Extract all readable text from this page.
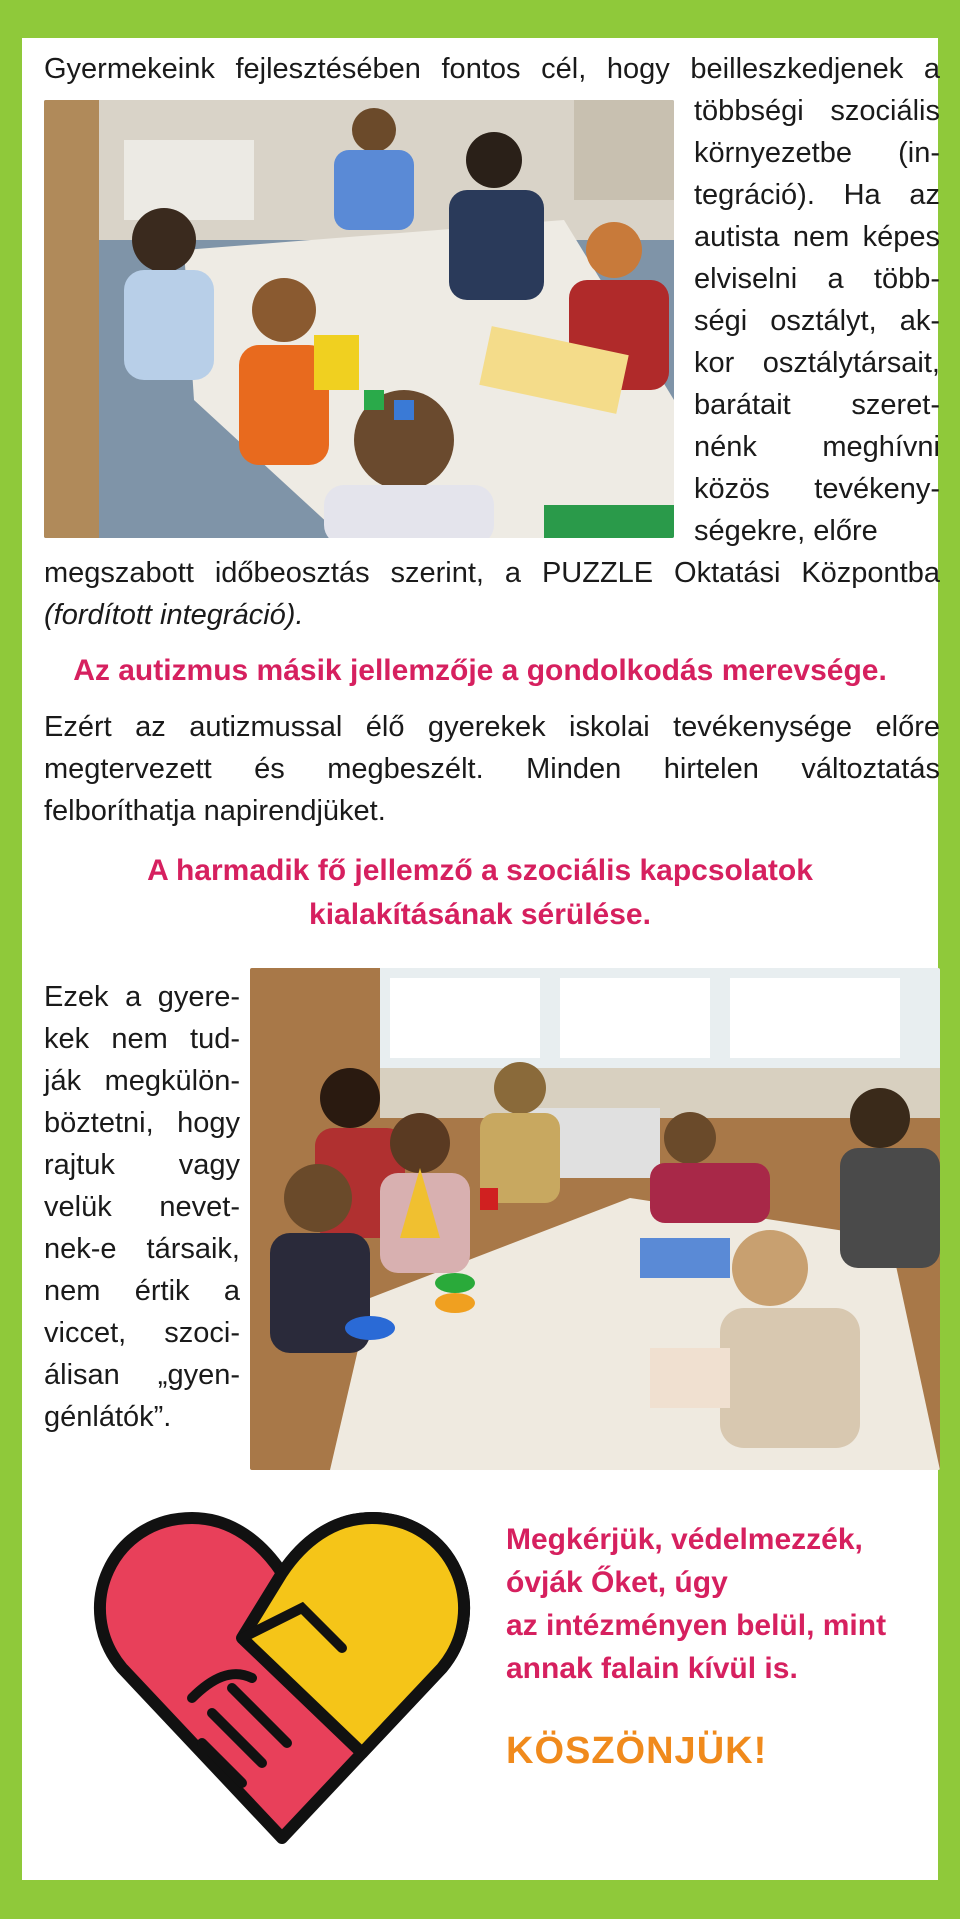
Gyermekeink fejlesztésében fontos cél, hogy beilleszkedjenek a
többségi szociális
környezetbe (in-
tegráció). Ha az
autista nem képes
elviselni a több-
ségi osztályt, ak-
kor osztálytársait,
barátait szeret-
nénk meghívni
közös tevékeny-
ségekre, előre
megszabott időbeosztás szerint, a PUZZLE Oktatási Központba
(fordított integráció).
Az autizmus másik jellemzője a gondolkodás merevsége.
Ezért az autizmussal élő gyerekek iskolai tevékenysége előre
megtervezett és megbeszélt. Minden hirtelen változtatás
felboríthatja napirendjüket.
A harmadik fő jellemző a szociális kapcsolatok
kialakításának sérülése.
Ezek a gyere-
kek nem tud-
ják megkülön-
böztetni, hogy
rajtuk vagy
velük nevet-
nek-e társaik,
nem értik a
viccet, szoci-
álisan „gyen-
génlátók”.
Megkérjük, védelmezzék,
óvják Őket, úgy
az intézményen belül, mint
annak falain kívül is.
KÖSZÖNJÜK!
